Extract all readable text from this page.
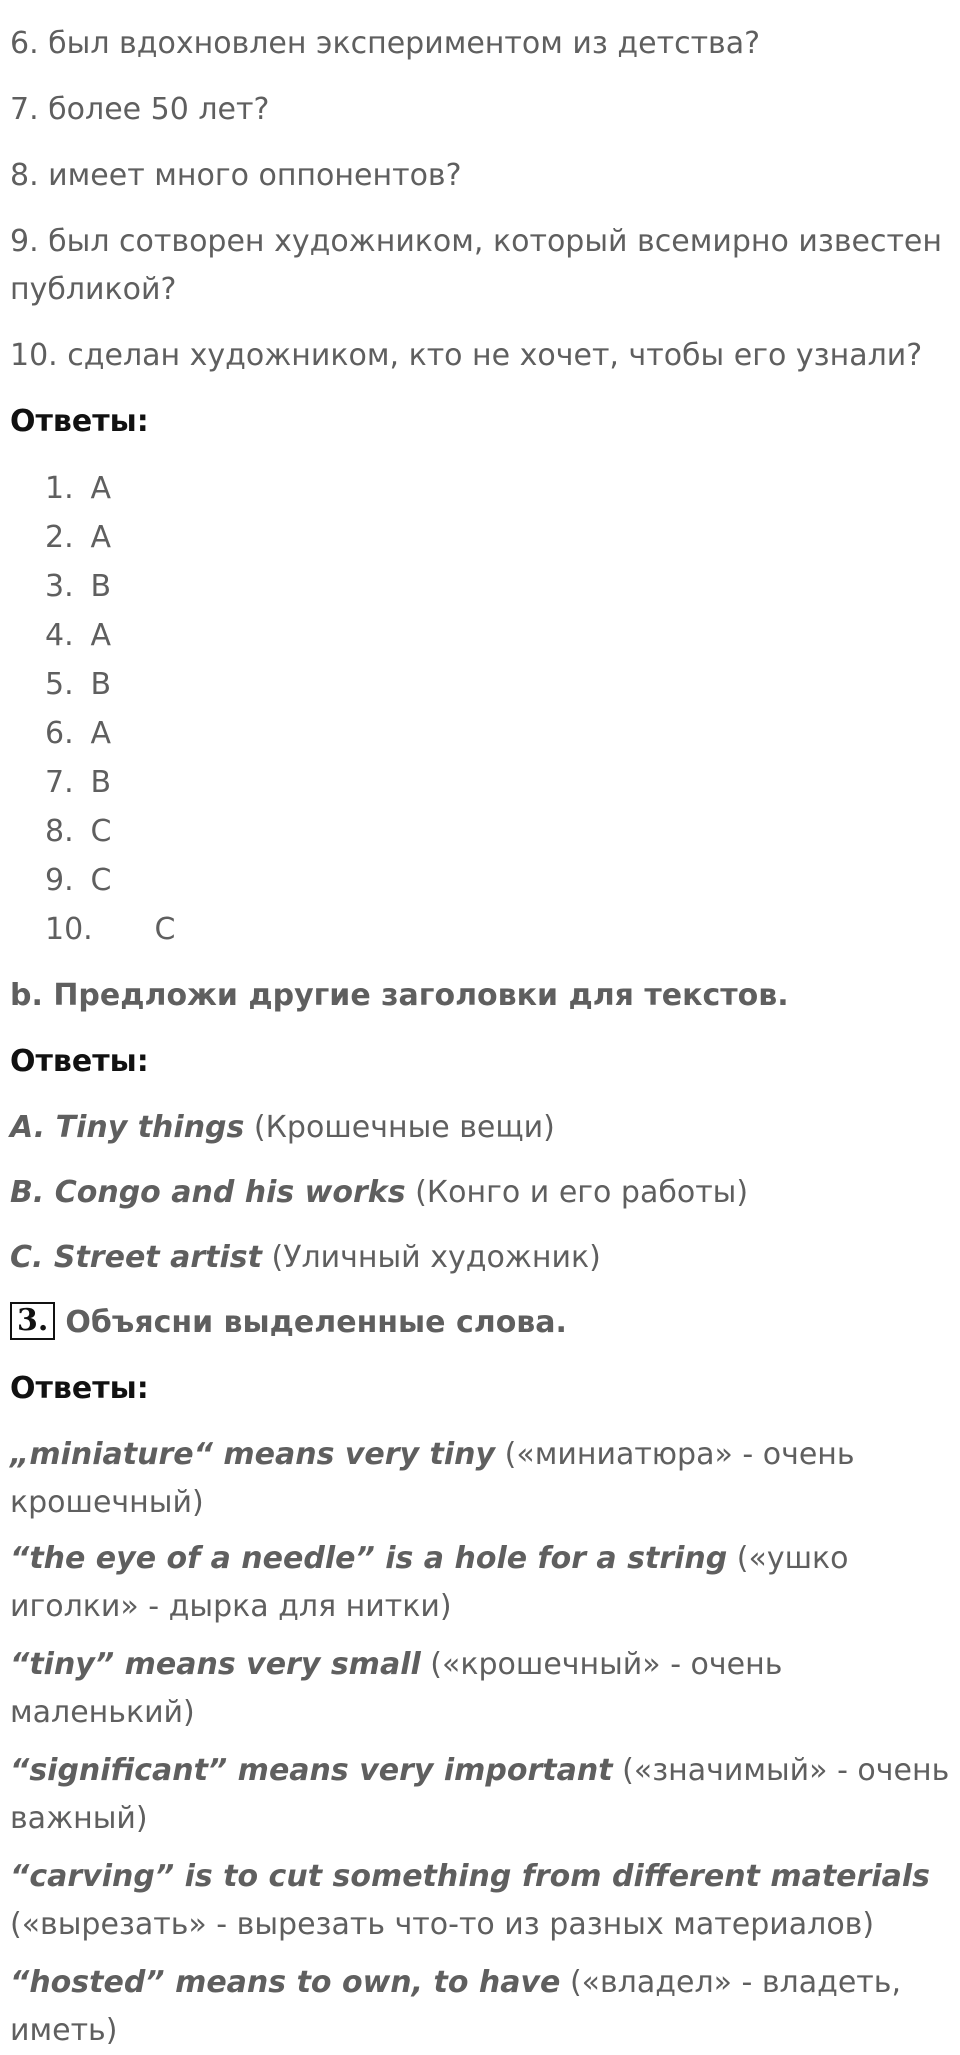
6. был вдохновлен экспериментом из детства?

7. более 50 лет?

8. имеет много оппонентов?

9. был сотворен художником, который всемирно известен публикой?

10. сделан художником, кто не хочет, чтобы его узнали?

Ответы:

1. A
2. A
3. B
4. A
5. B
6. A
7. B
8. C
9. C
10. C

b. Предложи другие заголовки для текстов.

Ответы:

A. Tiny things (Крошечные вещи)

B. Congo and his works (Конго и его работы)

C. Street artist (Уличный художник)

3. Объясни выделенные слова.

Ответы:

„miniature“ means very tiny («миниатюра» - очень крошечный)

“the eye of a needle” is a hole for a string («ушко иголки» - дырка для нитки)

“tiny” means very small («крошечный» - очень маленький)

“significant” means very important («значимый» - очень важный)

“carving” is to cut something from different materials («вырезать» - вырезать что-то из разных материалов)

“hosted” means to own, to have («владел» - владеть, иметь)
